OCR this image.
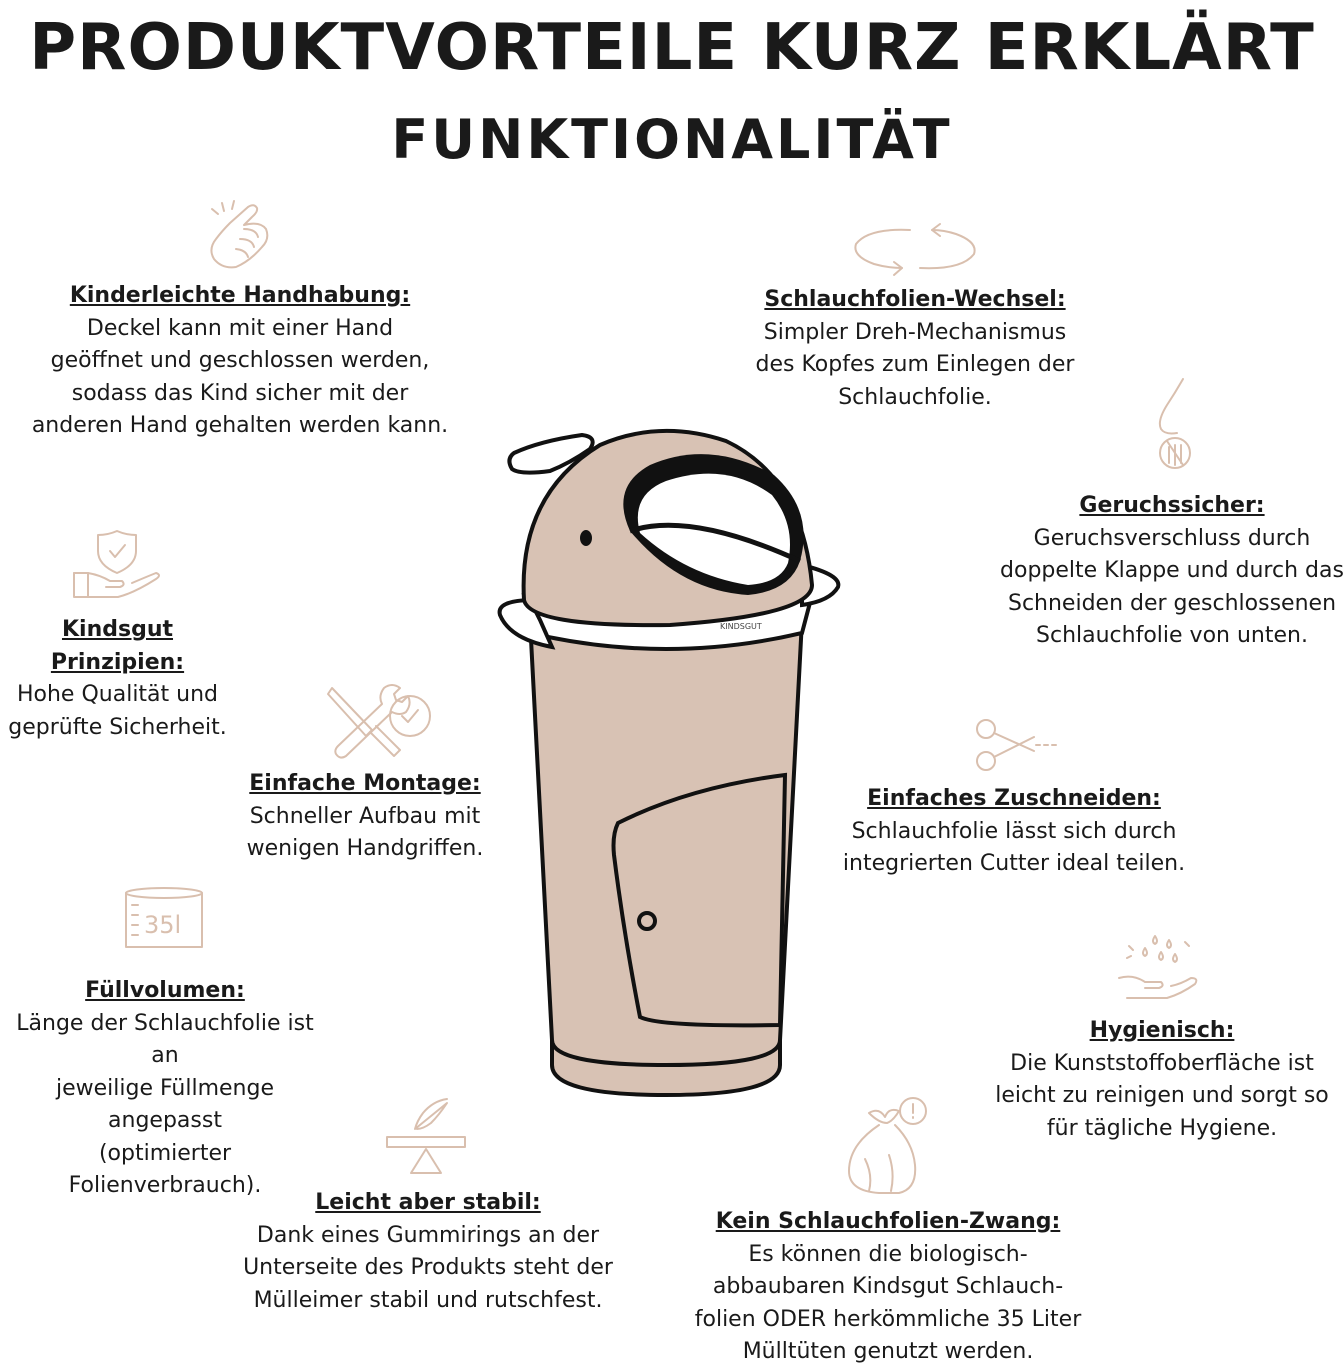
PRODUKTVORTEILE KURZ ERKLÄRT
FUNKTIONALITÄT
35l
KINDSGUT
Kinderleichte Handhabung:

Deckel kann mit einer Hand
geöffnet und geschlossen werden,
sodass das Kind sicher mit der
anderen Hand gehalten werden kann.

Schlauchfolien-Wechsel:

Simpler Dreh-Mechanismus
des Kopfes zum Einlegen der
Schlauchfolie.

Geruchssicher:

Geruchsverschluss durch
doppelte Klappe und durch das
Schneiden der geschlossenen
Schlauchfolie von unten.

Kindsgut Prinzipien:

Hohe Qualität und
geprüfte Sicherheit.

Einfache Montage:

Schneller Aufbau mit
wenigen Handgriffen.

Einfaches Zuschneiden:

Schlauchfolie lässt sich durch
integrierten Cutter ideal teilen.

Füllvolumen:

Länge der Schlauchfolie ist an
jeweilige Füllmenge angepasst
(optimierter Folienverbrauch).

Hygienisch:

Die Kunststoffoberfläche ist
leicht zu reinigen und sorgt so
für tägliche Hygiene.

Leicht aber stabil:

Dank eines Gummirings an der
Unterseite des Produkts steht der
Mülleimer stabil und rutschfest.

Kein Schlauchfolien-Zwang:

Es können die biologisch-
abbaubaren Kindsgut Schlauch-
folien ODER herkömmliche 35 Liter
Mülltüten genutzt werden.
